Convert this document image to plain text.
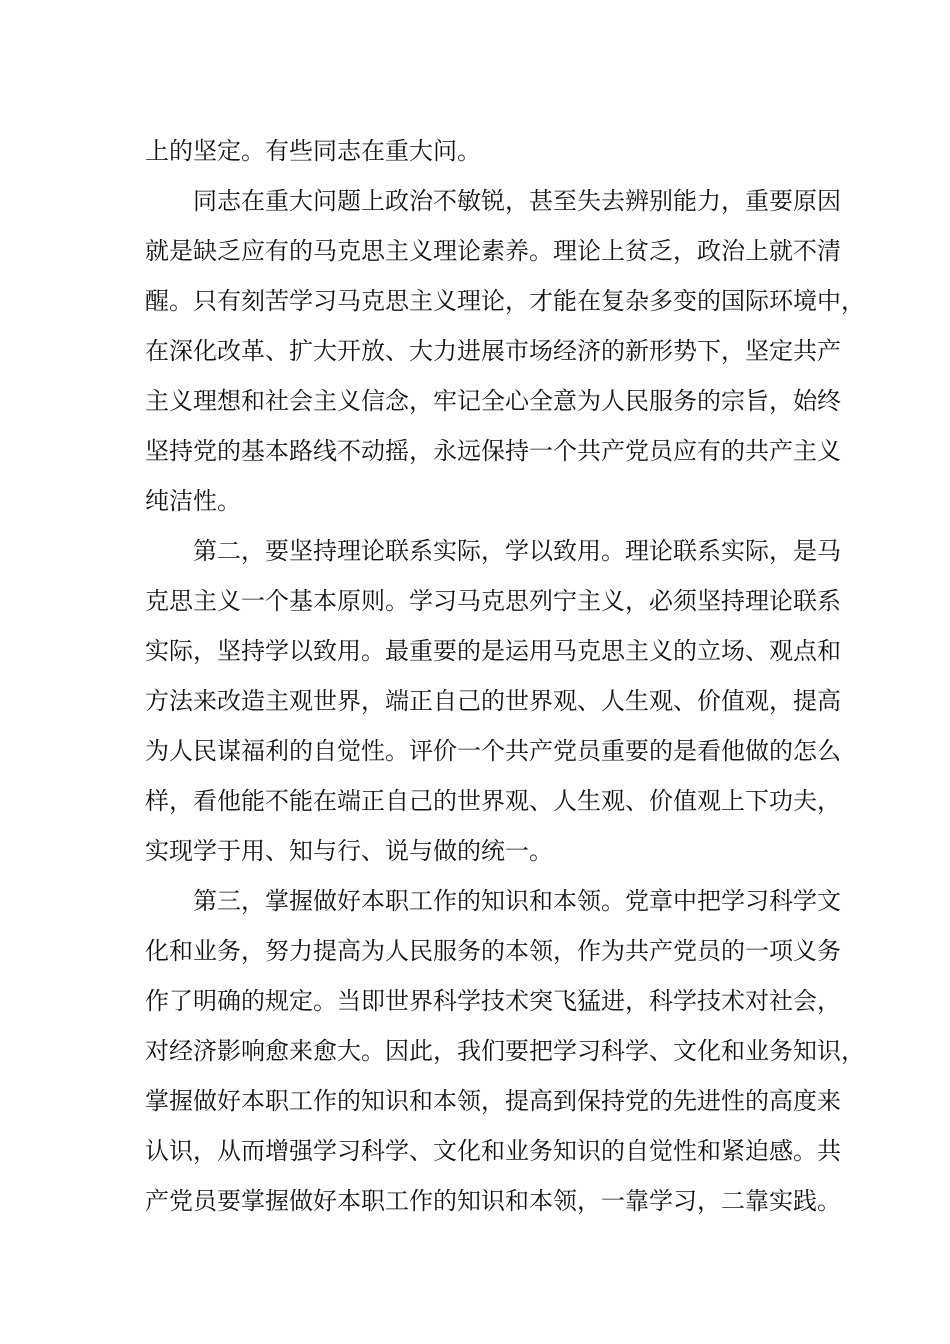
上的坚定。有些同志在重大问。
同志在重大问题上政治不敏锐，甚至失去辨别能力，重要原因
就是缺乏应有的马克思主义理论素养。理论上贫乏，政治上就不清
醒。只有刻苦学习马克思主义理论，才能在复杂多变的国际环境中，
在深化改革、扩大开放、大力进展市场经济的新形势下，坚定共产
主义理想和社会主义信念，牢记全心全意为人民服务的宗旨，始终
坚持党的基本路线不动摇，永远保持一个共产党员应有的共产主义
纯洁性。
第二，要坚持理论联系实际，学以致用。理论联系实际，是马
克思主义一个基本原则。学习马克思列宁主义，必须坚持理论联系
实际，坚持学以致用。最重要的是运用马克思主义的立场、观点和
方法来改造主观世界，端正自己的世界观、人生观、价值观，提高
为人民谋福利的自觉性。评价一个共产党员重要的是看他做的怎么
样，看他能不能在端正自己的世界观、人生观、价值观上下功夫，
实现学于用、知与行、说与做的统一。
第三，掌握做好本职工作的知识和本领。党章中把学习科学文
化和业务，努力提高为人民服务的本领，作为共产党员的一项义务
作了明确的规定。当即世界科学技术突飞猛进，科学技术对社会，
对经济影响愈来愈大。因此，我们要把学习科学、文化和业务知识，
掌握做好本职工作的知识和本领，提高到保持党的先进性的高度来
认识，从而增强学习科学、文化和业务知识的自觉性和紧迫感。共
产党员要掌握做好本职工作的知识和本领，一靠学习，二靠实践。
